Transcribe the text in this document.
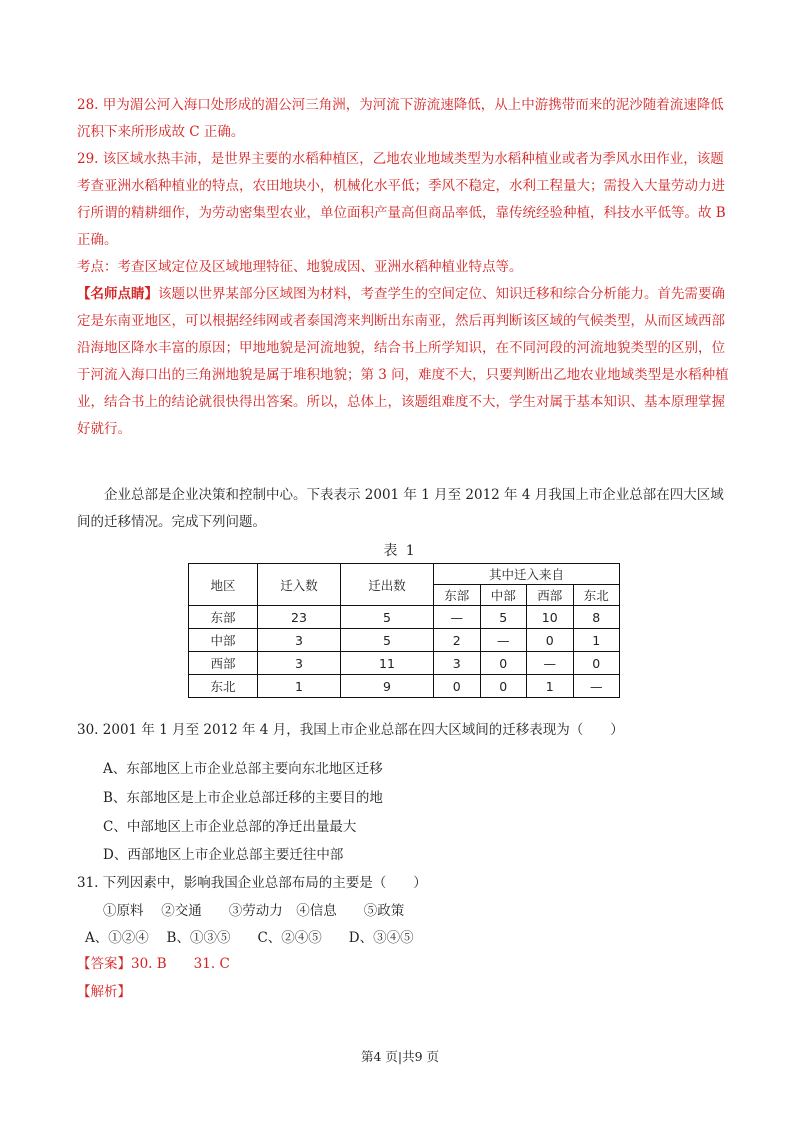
28. 甲为湄公河入海口处形成的湄公河三角洲，为河流下游流速降低，从上中游携带而来的泥沙随着流速降低沉积下来所形成故 C 正确。

29. 该区域水热丰沛，是世界主要的水稻种植区，乙地农业地域类型为水稻种植业或者为季风水田作业，该题考查亚洲水稻种植业的特点，农田地块小，机械化水平低；季风不稳定，水利工程量大；需投入大量劳动力进行所谓的精耕细作，为劳动密集型农业，单位面积产量高但商品率低，靠传统经验种植，科技水平低等。故 B 正确。

考点：考查区域定位及区域地理特征、地貌成因、亚洲水稻种植业特点等。

【名师点睛】该题以世界某部分区域图为材料，考查学生的空间定位、知识迁移和综合分析能力。首先需要确定是东南亚地区，可以根据经纬网或者泰国湾来判断出东南亚，然后再判断该区域的气候类型，从而区域西部沿海地区降水丰富的原因；甲地地貌是河流地貌，结合书上所学知识，在不同河段的河流地貌类型的区别，位于河流入海口出的三角洲地貌是属于堆积地貌；第 3 问，难度不大，只要判断出乙地农业地域类型是水稻种植业，结合书上的结论就很快得出答案。所以，总体上，该题组难度不大，学生对属于基本知识、基本原理掌握好就行。

企业总部是企业决策和控制中心。下表表示 2001 年 1 月至 2012 年 4 月我国上市企业总部在四大区域间的迁移情况。完成下列问题。

表 1
地区	迁入数	迁出数	其中迁入来自			
			东部	中部	西部	东北
东部	23	5	—	5	10	8
中部	3	5	2	—	0	1
西部	3	11	3	0	—	0
东北	1	9	0	0	1	—
30. 2001 年 1 月至 2012 年 4 月，我国上市企业总部在四大区域间的迁移表现为（　　）
A、东部地区上市企业总部主要向东北地区迁移
B、东部地区是上市企业总部迁移的主要目的地
C、中部地区上市企业总部的净迁出量最大
D、西部地区上市企业总部主要迁往中部
31. 下列因素中，影响我国企业总部布局的主要是（　　）
①原料　 ②交通　　③劳动力　④信息　　⑤政策
A、①②④　 B、①③⑤　　C、②④⑤　　D、③④⑤
【答案】30. B　　31. C
【解析】
第4 页|共9 页
